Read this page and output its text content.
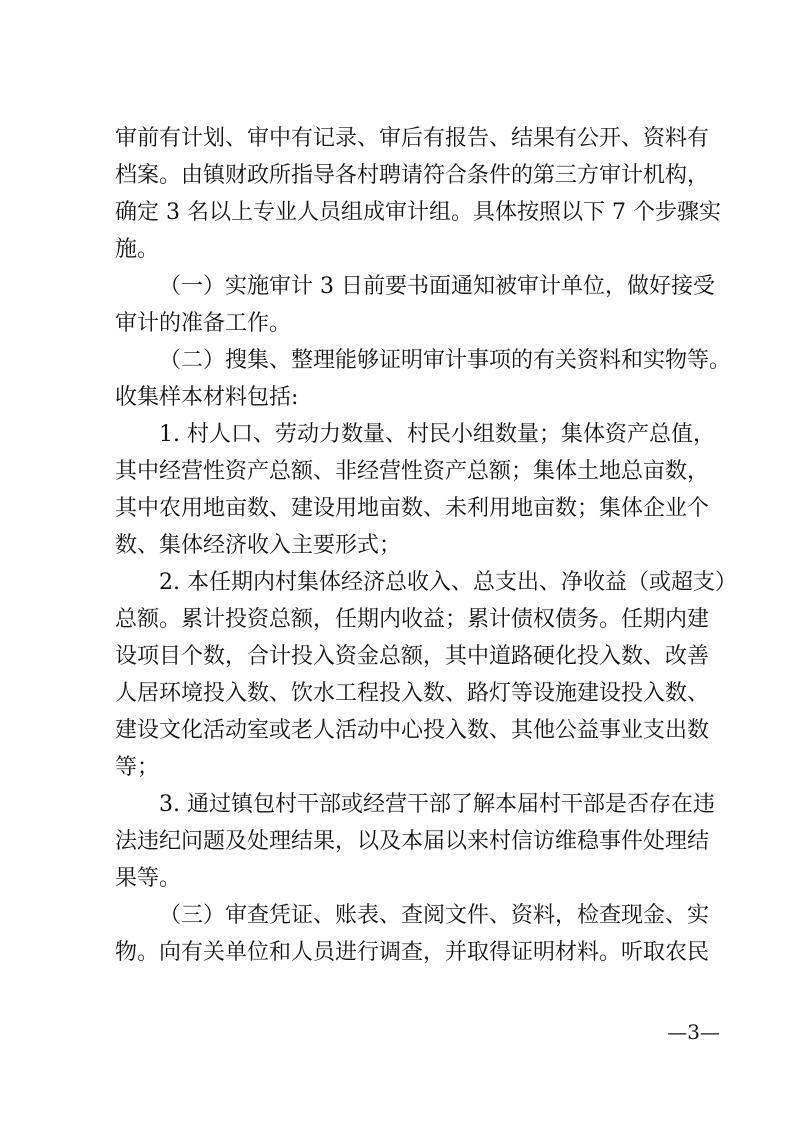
审前有计划、审中有记录、审后有报告、结果有公开、资料有
档案。由镇财政所指导各村聘请符合条件的第三方审计机构，
确定 3 名以上专业人员组成审计组。具体按照以下 7 个步骤实
施。
（一）实施审计 3 日前要书面通知被审计单位，做好接受
审计的准备工作。
（二）搜集、整理能够证明审计事项的有关资料和实物等。
收集样本材料包括:
1. 村人口、劳动力数量、村民小组数量；集体资产总值，
其中经营性资产总额、非经营性资产总额；集体土地总亩数，
其中农用地亩数、建设用地亩数、未利用地亩数；集体企业个
数、集体经济收入主要形式；
2. 本任期内村集体经济总收入、总支出、净收益（或超支）
总额。累计投资总额，任期内收益；累计债权债务。任期内建
设项目个数，合计投入资金总额，其中道路硬化投入数、改善
人居环境投入数、饮水工程投入数、路灯等设施建设投入数、
建设文化活动室或老人活动中心投入数、其他公益事业支出数
等；
3. 通过镇包村干部或经营干部了解本届村干部是否存在违
法违纪问题及处理结果，以及本届以来村信访维稳事件处理结
果等。
（三）审查凭证、账表、查阅文件、资料，检查现金、实
物。向有关单位和人员进行调查，并取得证明材料。听取农民
—3—
